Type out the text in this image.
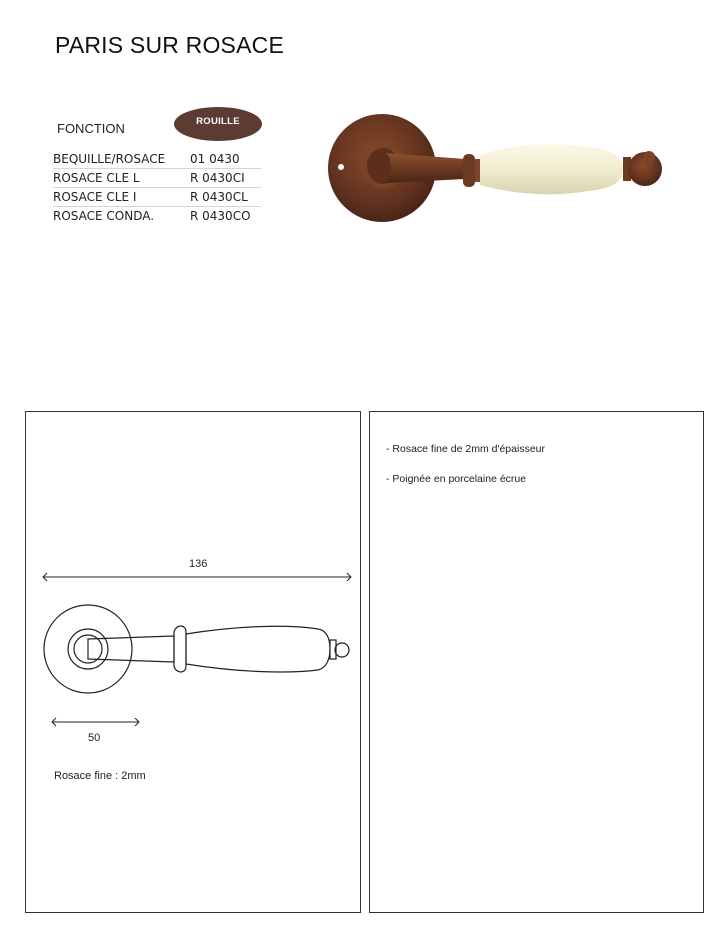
PARIS SUR ROSACE
FONCTION	ROUILLE
BEQUILLE/ROSACE	01 0430
ROSACE CLE L	R 0430CI
ROSACE CLE I	R 0430CL
ROSACE CONDA.	R 0430CO
136
50
Rosace fine : 2mm
- Rosace fine de 2mm d'épaisseur
- Poignée en porcelaine écrue
